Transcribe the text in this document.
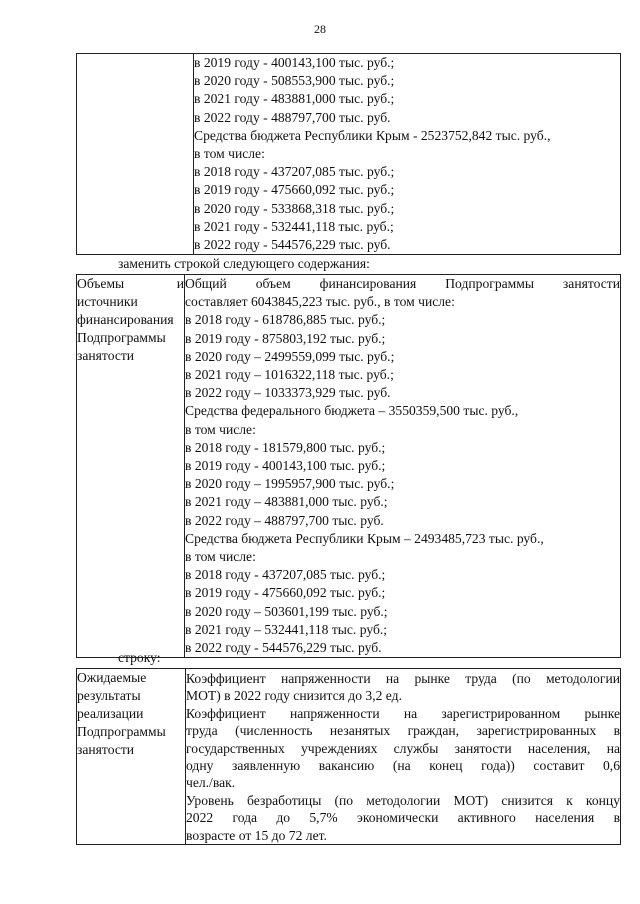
28

в 2019 году - 400143,100 тыс. руб.;
в 2020 году - 508553,900 тыс. руб.;
в 2021 году - 483881,000 тыс. руб.;
в 2022 году - 488797,700 тыс. руб.
Средства бюджета Республики Крым - 2523752,842 тыс. руб.,
в том числе:
в 2018 году - 437207,085 тыс. руб.;
в 2019 году - 475660,092 тыс. руб.;
в 2020 году - 533868,318 тыс. руб.;
в 2021 году - 532441,118 тыс. руб.;
в 2022 году - 544576,229 тыс. руб.
заменить строкой следующего содержания:
Объемы	и
источники
финансирования
Подпрограммы
занятости

Общий объем финансирования Подпрограммы занятости
составляет 6043845,223 тыс. руб., в том числе:
в 2018 году - 618786,885 тыс. руб.;
в 2019 году - 875803,192 тыс. руб.;
в 2020 году – 2499559,099 тыс. руб.;
в 2021 году – 1016322,118 тыс. руб.;
в 2022 году – 1033373,929 тыс. руб.
Средства федерального бюджета – 3550359,500 тыс. руб.,
в том числе:
в 2018 году - 181579,800 тыс. руб.;
в 2019 году - 400143,100 тыс. руб.;
в 2020 году – 1995957,900 тыс. руб.;
в 2021 году – 483881,000 тыс. руб.;
в 2022 году – 488797,700 тыс. руб.
Средства бюджета Республики Крым – 2493485,723 тыс. руб.,
в том числе:
в 2018 году - 437207,085 тыс. руб.;
в 2019 году - 475660,092 тыс. руб.;
в 2020 году – 503601,199 тыс. руб.;
в 2021 году – 532441,118 тыс. руб.;
в 2022 году - 544576,229 тыс. руб.
строку:
Ожидаемые
результаты
реализации
Подпрограммы
занятости

Коэффициент напряженности на рынке труда (по методологии
МОТ) в 2022 году снизится до 3,2 ед.
Коэффициент напряженности на зарегистрированном рынке
труда (численность незанятых граждан, зарегистрированных в
государственных учреждениях службы занятости населения, на
одну заявленную вакансию (на конец года)) составит 0,6
чел./вак.
Уровень безработицы (по методологии МОТ) снизится к концу
2022 года до 5,7% экономически активного населения в
возрасте от 15 до 72 лет.
